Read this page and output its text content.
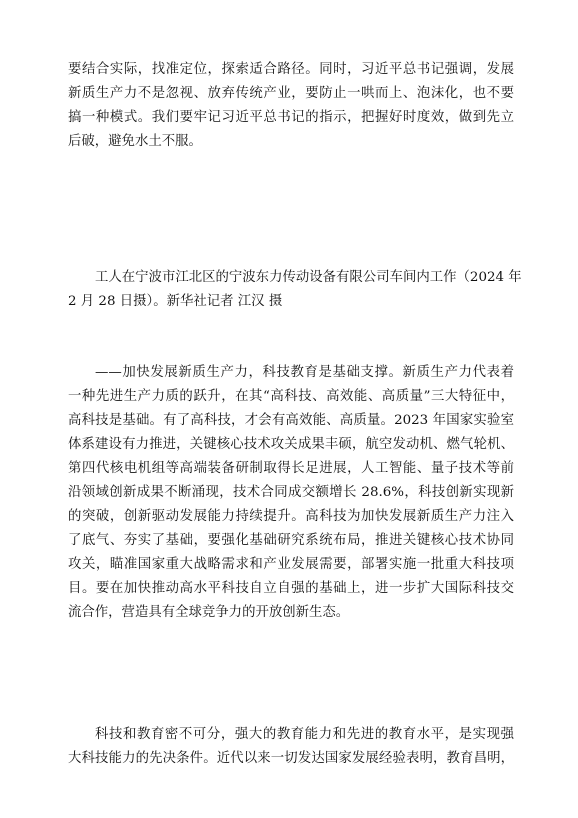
要结合实际，找准定位，探索适合路径。同时，习近平总书记强调，发展
新质生产力不是忽视、放弃传统产业，要防止一哄而上、泡沫化，也不要
搞一种模式。我们要牢记习近平总书记的指示，把握好时度效，做到先立
后破，避免水土不服。
工人在宁波市江北区的宁波东力传动设备有限公司车间内工作（2024 年
2 月 28 日摄）。新华社记者 江汉 摄
——加快发展新质生产力，科技教育是基础支撑。新质生产力代表着
一种先进生产力质的跃升，在其“高科技、高效能、高质量”三大特征中，
高科技是基础。有了高科技，才会有高效能、高质量。2023 年国家实验室
体系建设有力推进，关键核心技术攻关成果丰硕，航空发动机、燃气轮机、
第四代核电机组等高端装备研制取得长足进展，人工智能、量子技术等前
沿领域创新成果不断涌现，技术合同成交额增长 28.6%，科技创新实现新
的突破，创新驱动发展能力持续提升。高科技为加快发展新质生产力注入
了底气、夯实了基础，要强化基础研究系统布局，推进关键核心技术协同
攻关，瞄准国家重大战略需求和产业发展需要，部署实施一批重大科技项
目。要在加快推动高水平科技自立自强的基础上，进一步扩大国际科技交
流合作，营造具有全球竞争力的开放创新生态。
科技和教育密不可分，强大的教育能力和先进的教育水平，是实现强
大科技能力的先决条件。近代以来一切发达国家发展经验表明，教育昌明，
